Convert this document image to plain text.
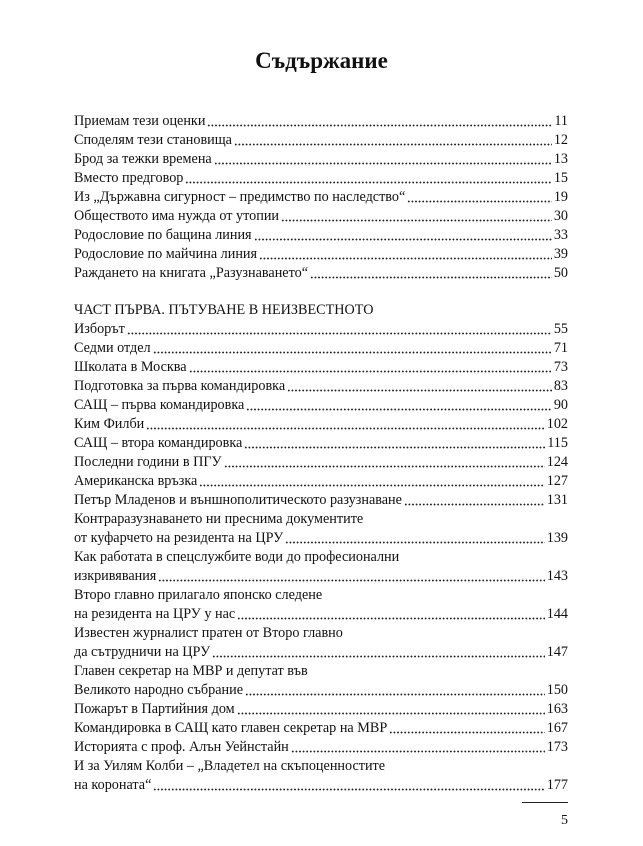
Съдържание
Приемам тези оценки	11
Споделям тези становища	12
Брод за тежки времена	13
Вместо предговор	15
Из „Държавна сигурност – предимство по наследство“	19
Обществото има нужда от утопии	30
Родословие по бащина линия	33
Родословие по майчина линия	39
Раждането на книгата „Разузнаването“	50
ЧАСТ ПЪРВА. ПЪТУВАНЕ В НЕИЗВЕСТНОТО
Изборът	55
Седми отдел	71
Школата в Москва	73
Подготовка за първа командировка	83
САЩ – първа командировка	90
Ким Филби	102
САЩ – втора командировка	115
Последни години в ПГУ	124
Американска връзка	127
Петър Младенов и външнополитическото разузнаване	131
Контраразузнаването ни преснима документите
от куфарчето на резидента на ЦРУ	139
Как работата в спецслужбите води до професионални
изкривявания	143
Второ главно прилагало японско следене
на резидента на ЦРУ у нас	144
Известен журналист пратен от Второ главно
да сътрудничи на ЦРУ	147
Главен секретар на МВР и депутат във
Великото народно събрание	150
Пожарът в Партийния дом	163
Командировка в САЩ като главен секретар на МВР	167
Историята с проф. Алън Уейнстайн	173
И за Уилям Колби – „Владетел на скъпоценностите
на короната“	177
5
